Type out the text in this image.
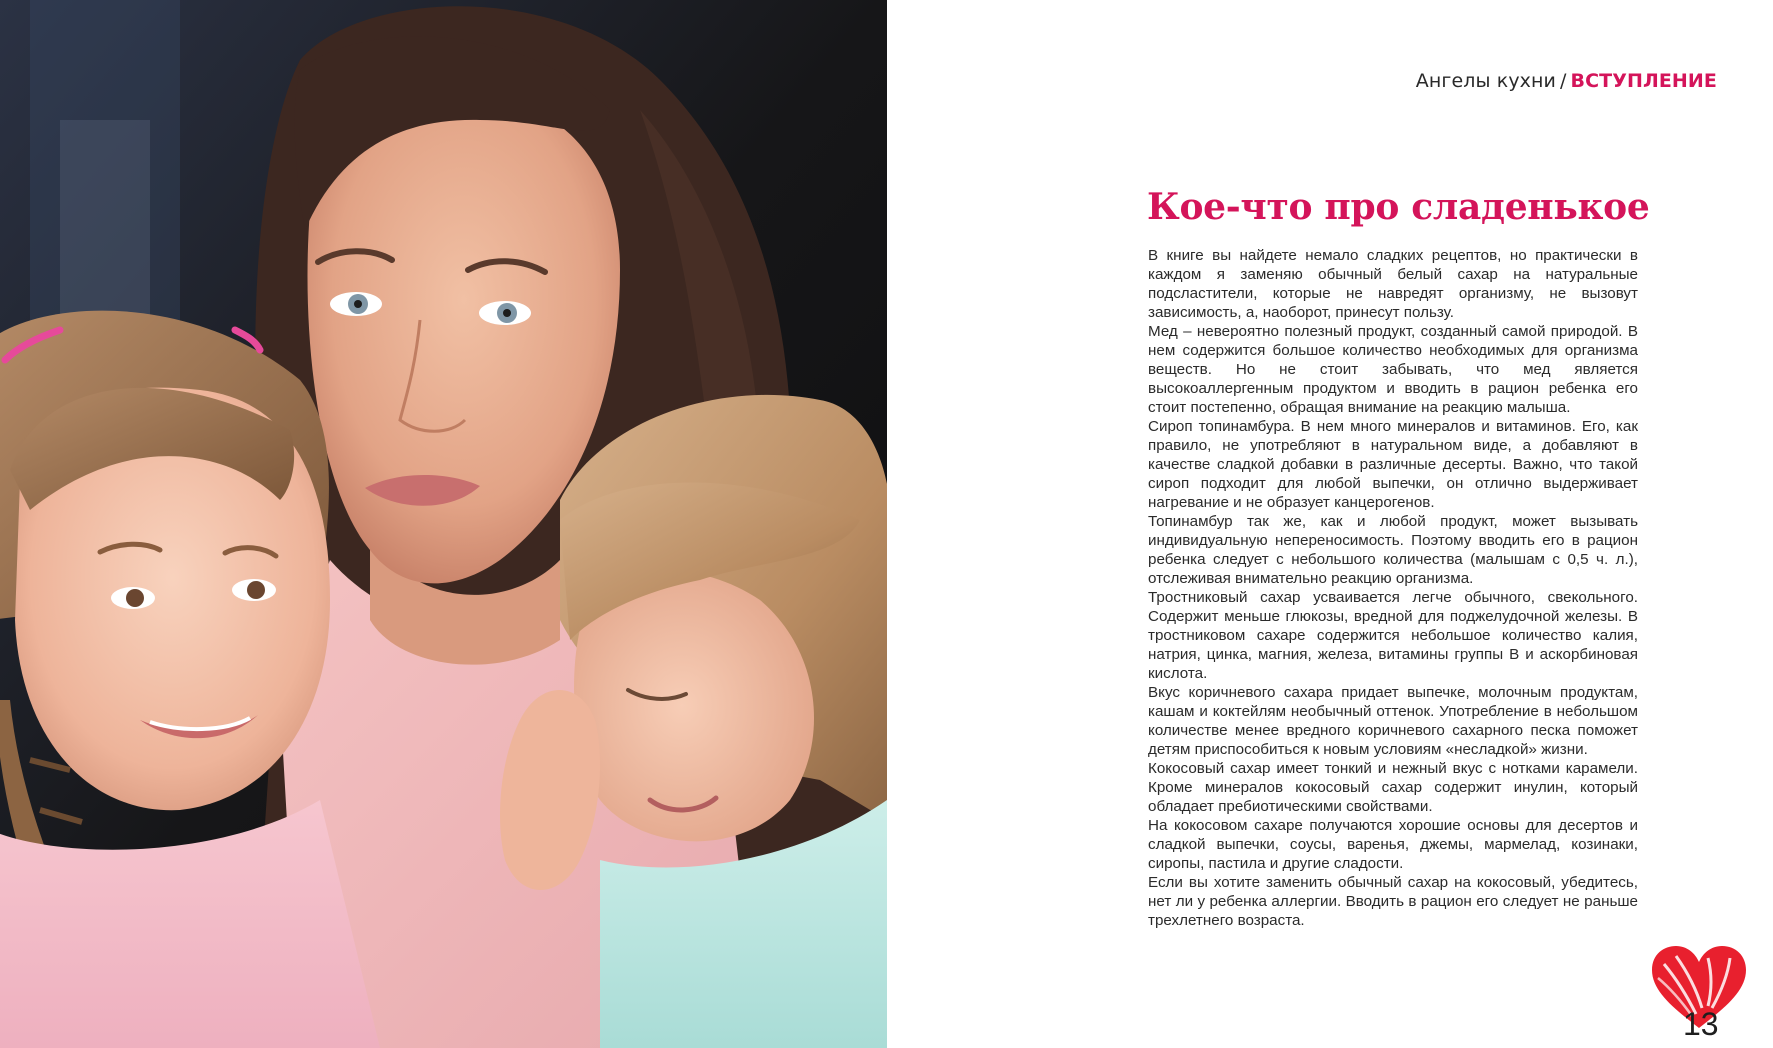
Ангелы кухни / ВСТУПЛЕНИЕ
Кое-что про сладенькое

В книге вы найдете немало сладких рецептов, но практически в каждом я заменяю обычный белый сахар на натуральные подсластители, которые не навредят организму, не вызовут зависимость, а, наоборот, принесут пользу.

Мед – невероятно полезный продукт, созданный самой природой. В нем содержится большое количество необходимых для организма веществ. Но не стоит забывать, что мед является высокоаллергенным продуктом и вводить в рацион ребенка его стоит постепенно, обращая внимание на реакцию малыша.

Сироп топинамбура. В нем много минералов и витаминов. Его, как правило, не употребляют в натуральном виде, а добавляют в качестве сладкой добавки в различные десерты. Важно, что такой сироп подходит для любой выпечки, он отлично выдерживает нагревание и не образует канцерогенов.

Топинамбур так же, как и любой продукт, может вызывать индивидуальную непереносимость. Поэтому вводить его в рацион ребенка следует с небольшого количества (малышам с 0,5 ч. л.), отслеживая внимательно реакцию организма.

Тростниковый сахар усваивается легче обычного, свекольного. Содержит меньше глюкозы, вредной для поджелудочной железы. В тростниковом сахаре содержится небольшое количество калия, натрия, цинка, магния, железа, витамины группы В и аскорбиновая кислота.

Вкус коричневого сахара придает выпечке, молочным продуктам, кашам и коктейлям необычный оттенок. Употребление в небольшом количестве менее вредного коричневого сахарного песка поможет детям приспособиться к новым условиям «несладкой» жизни.

Кокосовый сахар имеет тонкий и нежный вкус с нотками карамели. Кроме минералов кокосовый сахар содержит инулин, который обладает пребиотическими свойствами.

На кокосовом сахаре получаются хорошие основы для десертов и сладкой выпечки, соусы, варенья, джемы, мармелад, козинаки, сиропы, пастила и другие сладости.

Если вы хотите заменить обычный сахар на кокосовый, убедитесь, нет ли у ребенка аллергии. Вводить в рацион его следует не раньше трехлетнего возраста.

13
